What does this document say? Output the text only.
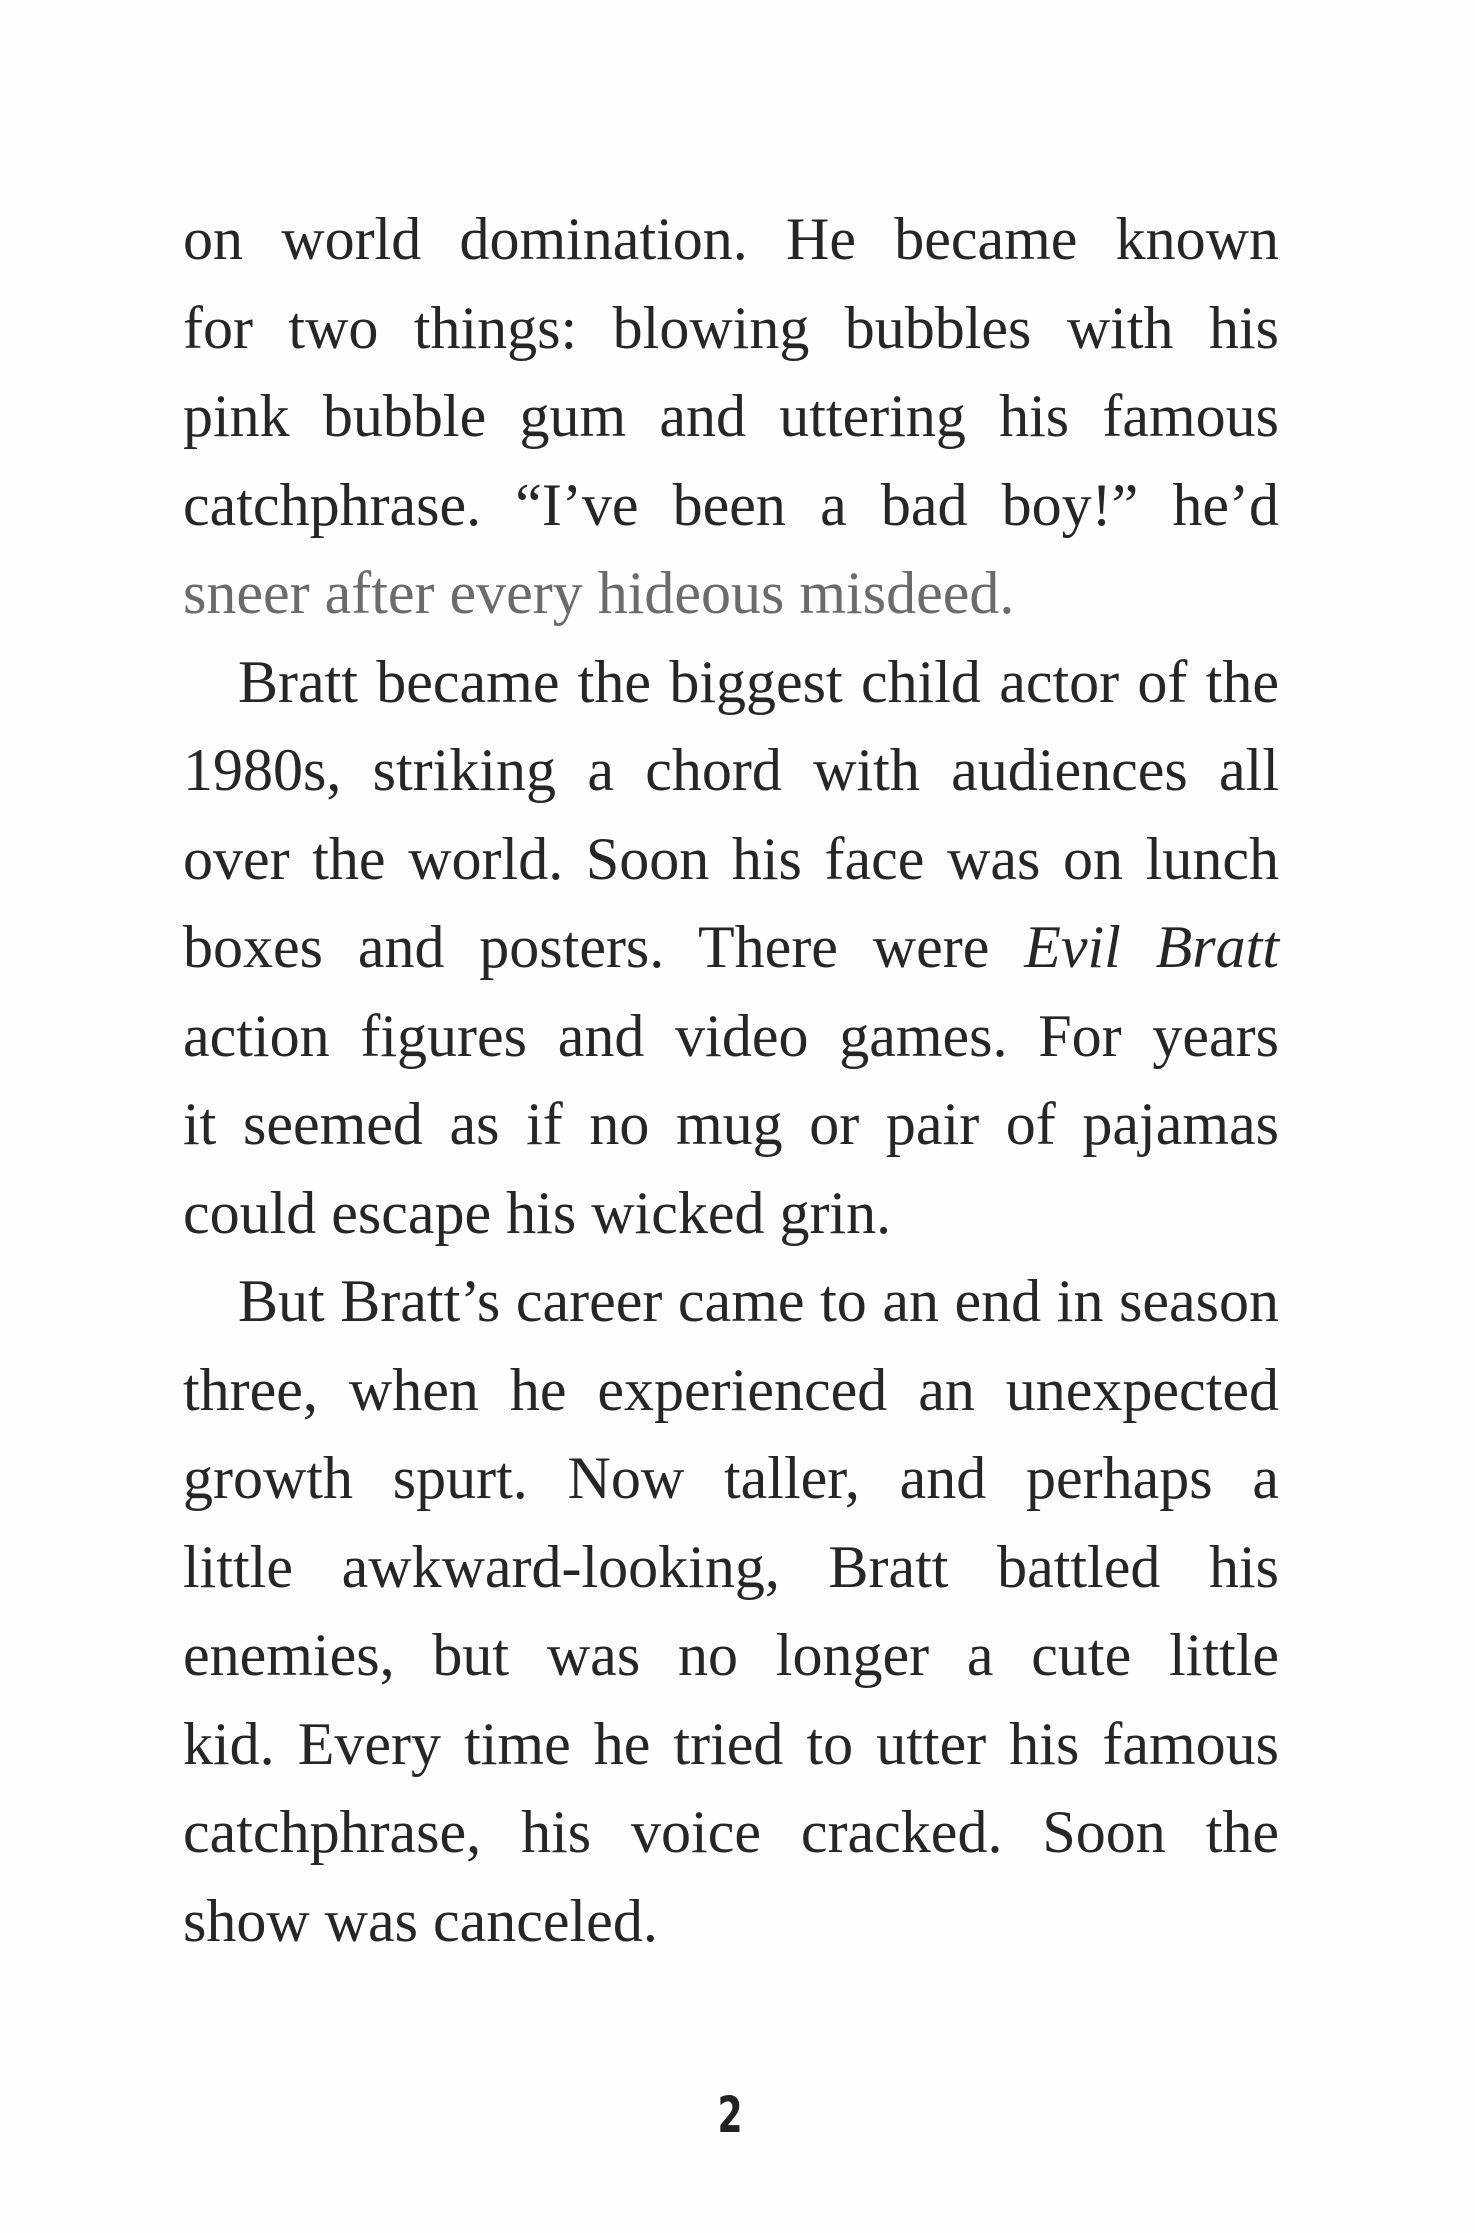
on world domination. He became known
for two things: blowing bubbles with his
pink bubble gum and uttering his famous
catchphrase. “I’ve been a bad boy!” he’d
sneer after every hideous misdeed.
Bratt became the biggest child actor of the
1980s, striking a chord with audiences all
over the world. Soon his face was on lunch
boxes and posters. There were Evil Bratt
action figures and video games. For years
it seemed as if no mug or pair of pajamas
could escape his wicked grin.
But Bratt’s career came to an end in season
three, when he experienced an unexpected
growth spurt. Now taller, and perhaps a
little awkward-looking, Bratt battled his
enemies, but was no longer a cute little
kid. Every time he tried to utter his famous
catchphrase, his voice cracked. Soon the
show was canceled.
2
